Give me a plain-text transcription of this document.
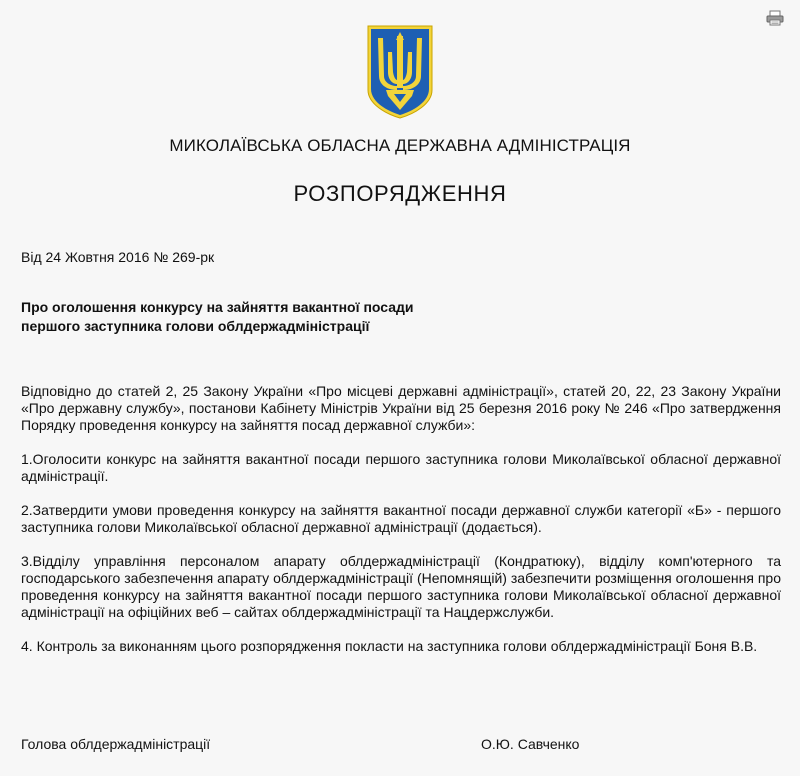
МИКОЛАЇВСЬКА ОБЛАСНА ДЕРЖАВНА АДМІНІСТРАЦІЯ
РОЗПОРЯДЖЕННЯ
Від 24 Жовтня 2016 № 269-рк
Про оголошення конкурсу на зайняття вакантної посади
першого заступника голови облдержадміністрації

Відповідно до статей 2, 25 Закону України «Про місцеві державні адміністрації», статей 20, 22, 23 Закону України «Про державну службу», постанови Кабінету Міністрів України від 25 березня 2016 року № 246 «Про затвердження Порядку проведення конкурсу на зайняття посад державної служби»:

1.Оголосити конкурс на зайняття вакантної посади першого заступника голови Миколаївської обласної державної адміністрації.

2.Затвердити умови проведення конкурсу на зайняття вакантної посади державної служби категорії «Б» - першого заступника голови Миколаївської обласної державної адміністрації (додається).

3.Відділу управління персоналом апарату облдержадміністрації (Кондратюку), відділу комп'ютерного та господарського забезпечення апарату облдержадміністрації (Непомнящій) забезпечити розміщення оголошення про проведення конкурсу на зайняття вакантної посади першого заступника голови Миколаївської обласної державної адміністрації на офіційних веб – сайтах облдержадміністрації та Нацдержслужби.

4. Контроль за виконанням цього розпорядження покласти на заступника голови облдержадміністрації Боня В.В.

Голова облдержадміністрації	О.Ю. Савченко
